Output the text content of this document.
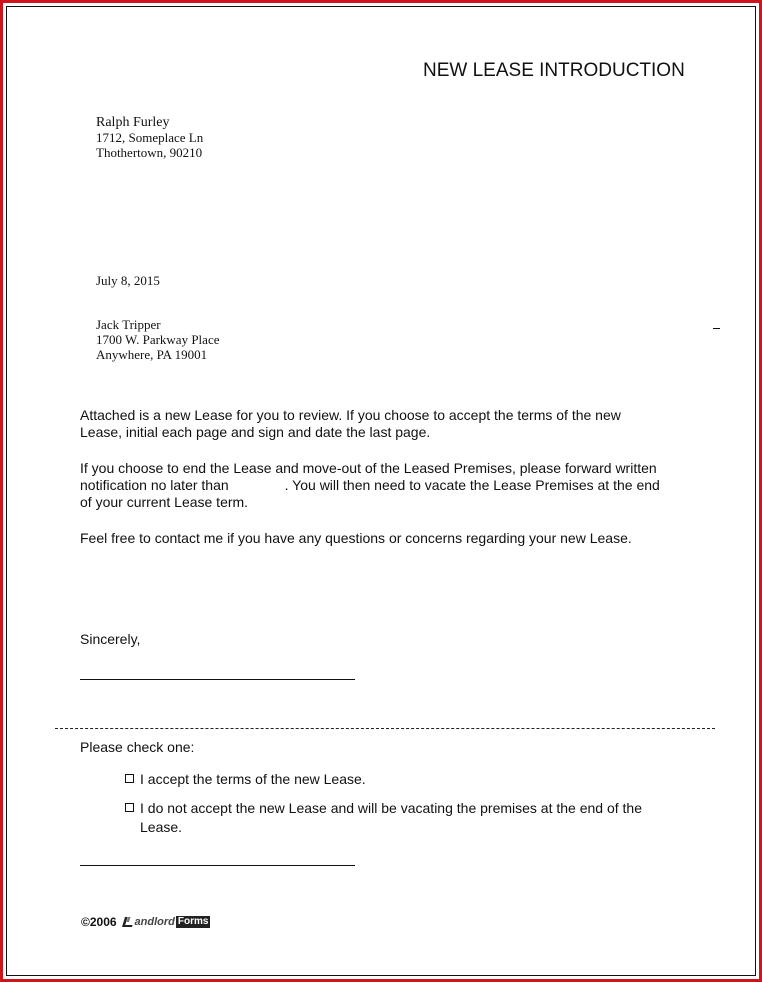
NEW LEASE INTRODUCTION
Ralph Furley
1712, Someplace Ln
Thothertown, 90210
July 8, 2015
Jack Tripper
1700 W. Parkway Place
Anywhere, PA 19001
Attached is a new Lease for you to review. If you choose to accept the terms of the new
Lease, initial each page and sign and date the last page.
If you choose to end the Lease and move-out of the Leased Premises, please forward written
notification no later than	. You will then need to vacate the Lease Premises at the end
of your current Lease term.
Feel free to contact me if you have any questions or concerns regarding your new Lease.
Sincerely,
Please check one:
I accept the terms of the new Lease.
I do not accept the new Lease and will be vacating the premises at the end of the
Lease.
©2006 andlord Forms
